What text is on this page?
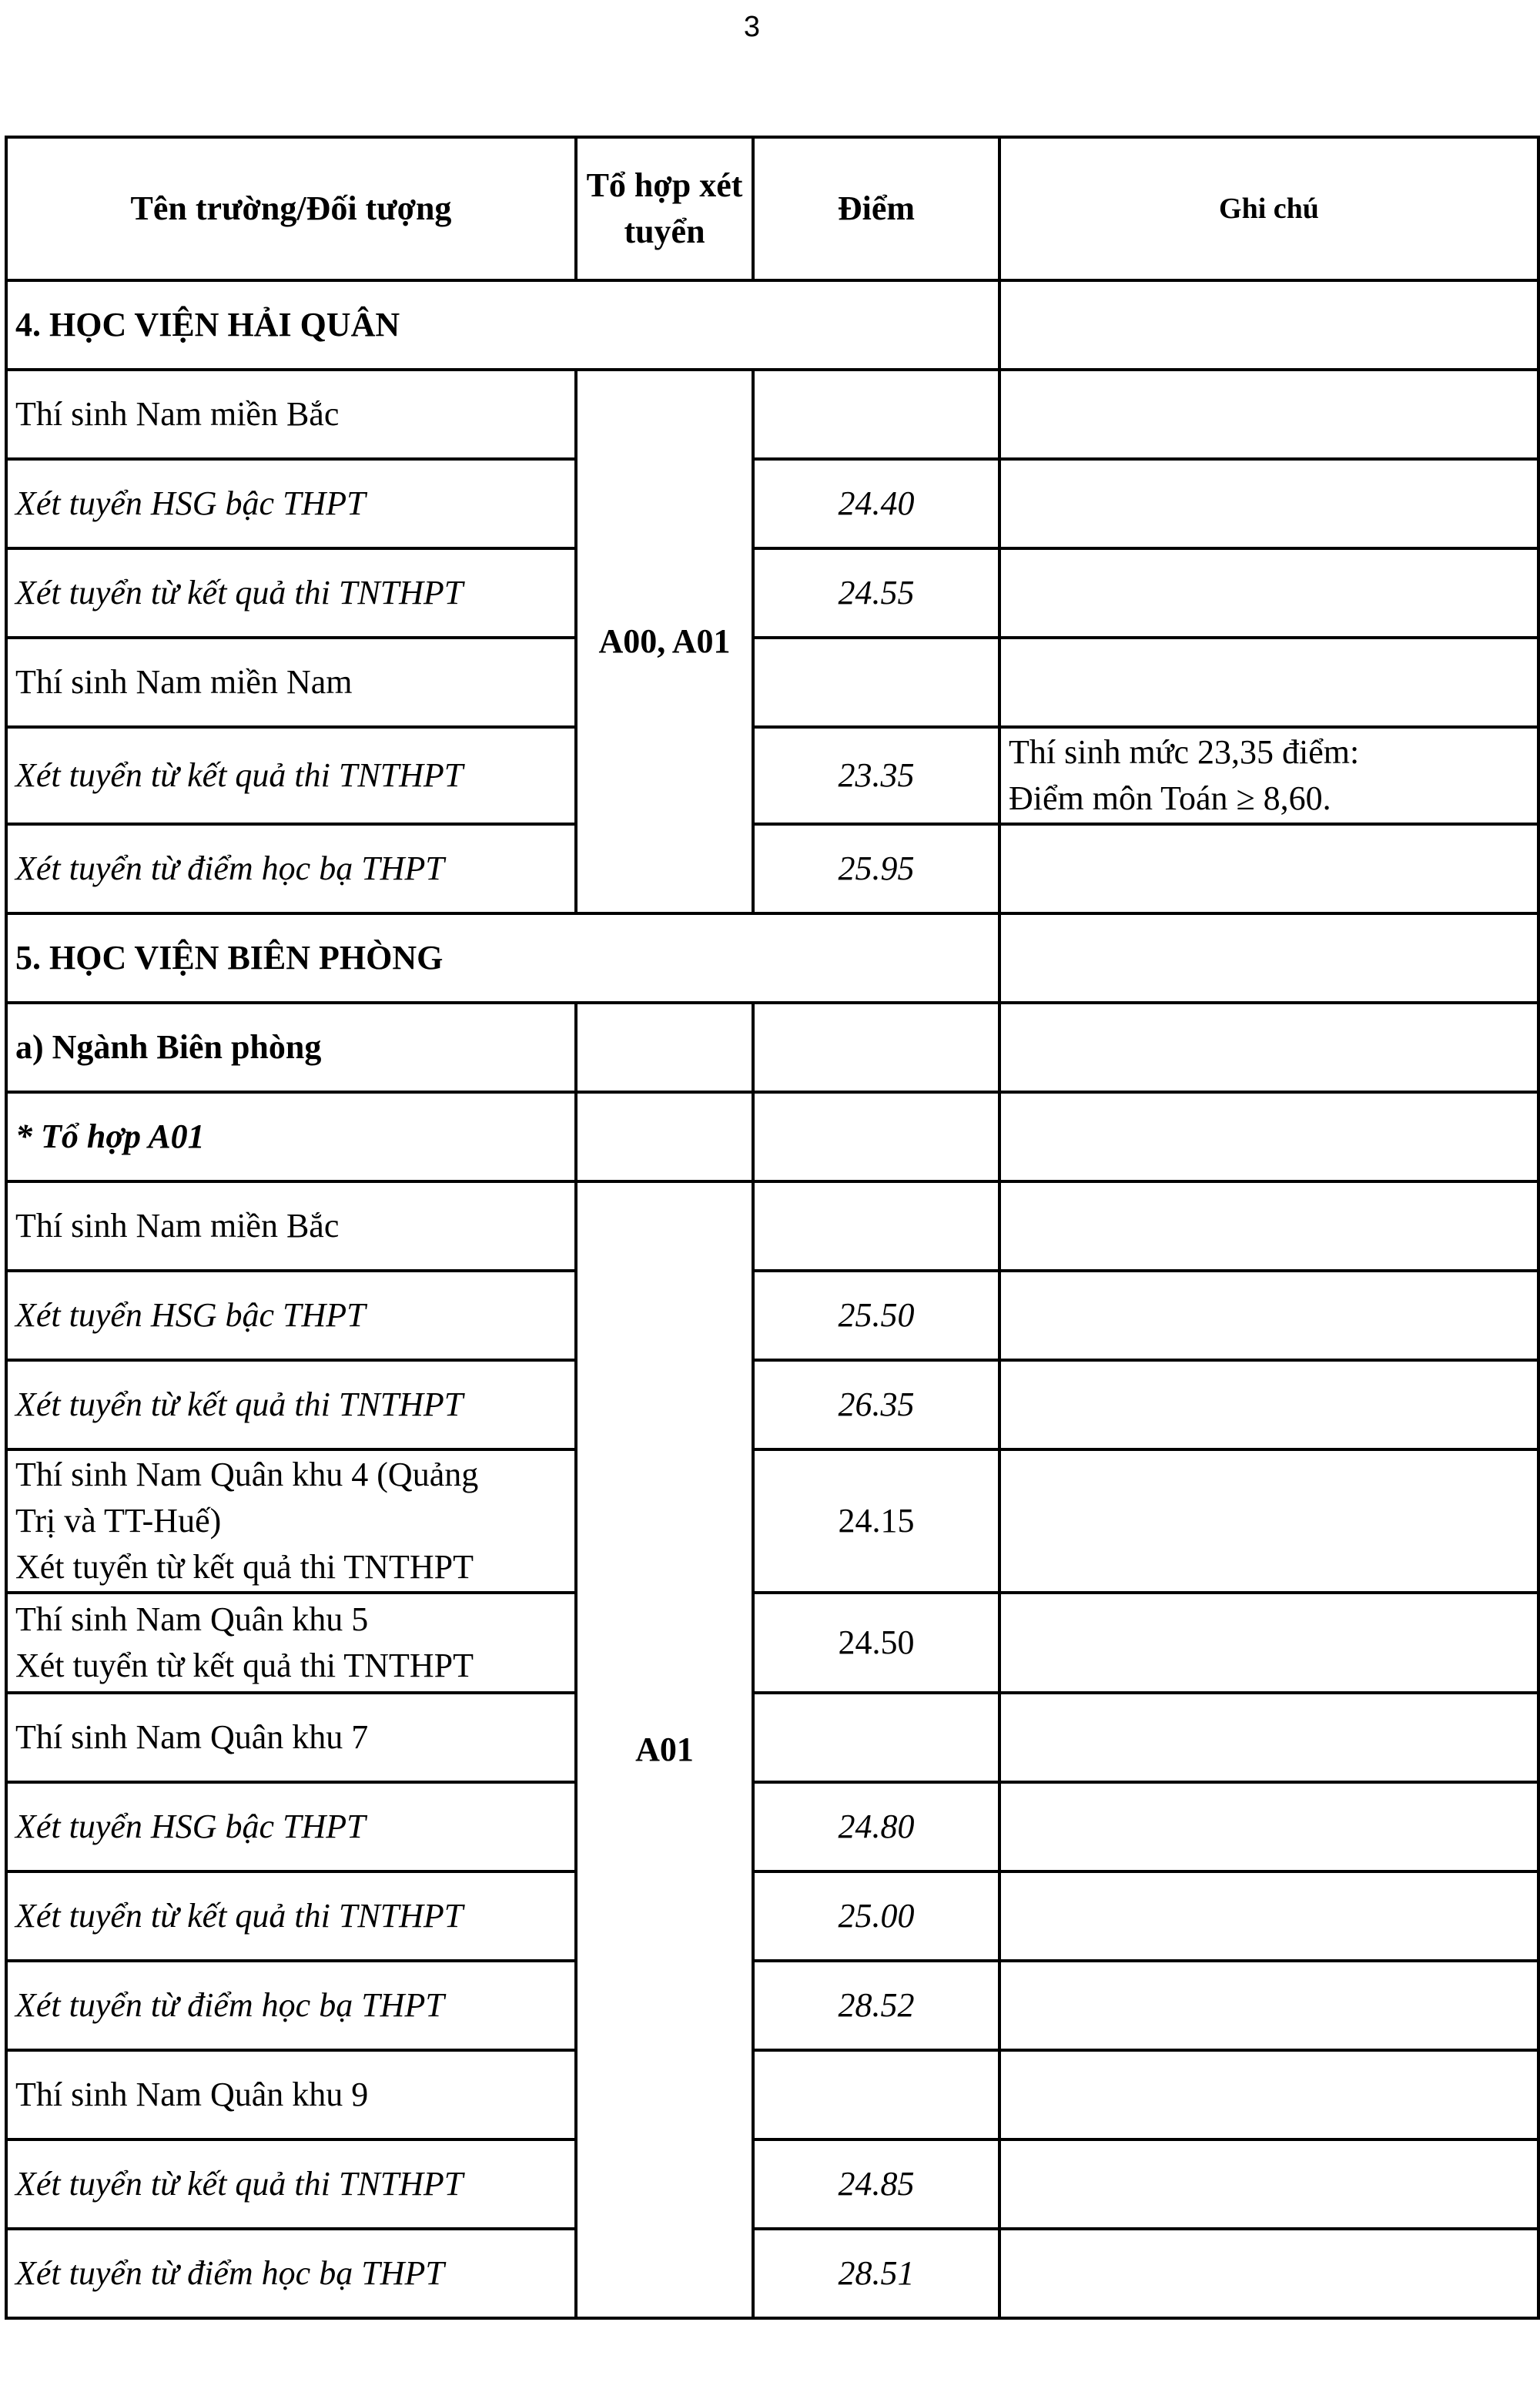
3
Tên trường/Đối tượng	Tổ hợp xét tuyển	Điểm	Ghi chú
4. HỌC VIỆN HẢI QUÂN			
Thí sinh Nam miền Bắc	A00, A01		
Xét tuyển HSG bậc THPT		24.40	
Xét tuyển từ kết quả thi TNTHPT		24.55	
Thí sinh Nam miền Nam			
Xét tuyển từ kết quả thi TNTHPT		23.35	Thí sinh mức 23,35 điểm:
Điểm môn Toán ≥ 8,60.

Xét tuyển từ điểm học bạ THPT		25.95	
5. HỌC VIỆN BIÊN PHÒNG			
a) Ngành Biên phòng			
* Tổ hợp A01			
Thí sinh Nam miền Bắc	A01		
Xét tuyển HSG bậc THPT		25.50	
Xét tuyển từ kết quả thi TNTHPT		26.35	

Thí sinh Nam Quân khu 4 (Quảng
Trị và TT-Huế)
Xét tuyển từ kết quả thi TNTHPT		24.15	

Thí sinh Nam Quân khu 5
Xét tuyển từ kết quả thi TNTHPT		24.50	
Thí sinh Nam Quân khu 7			
Xét tuyển HSG bậc THPT		24.80	
Xét tuyển từ kết quả thi TNTHPT		25.00	
Xét tuyển từ điểm học bạ THPT		28.52	
Thí sinh Nam Quân khu 9			
Xét tuyển từ kết quả thi TNTHPT		24.85	
Xét tuyển từ điểm học bạ THPT		28.51	
